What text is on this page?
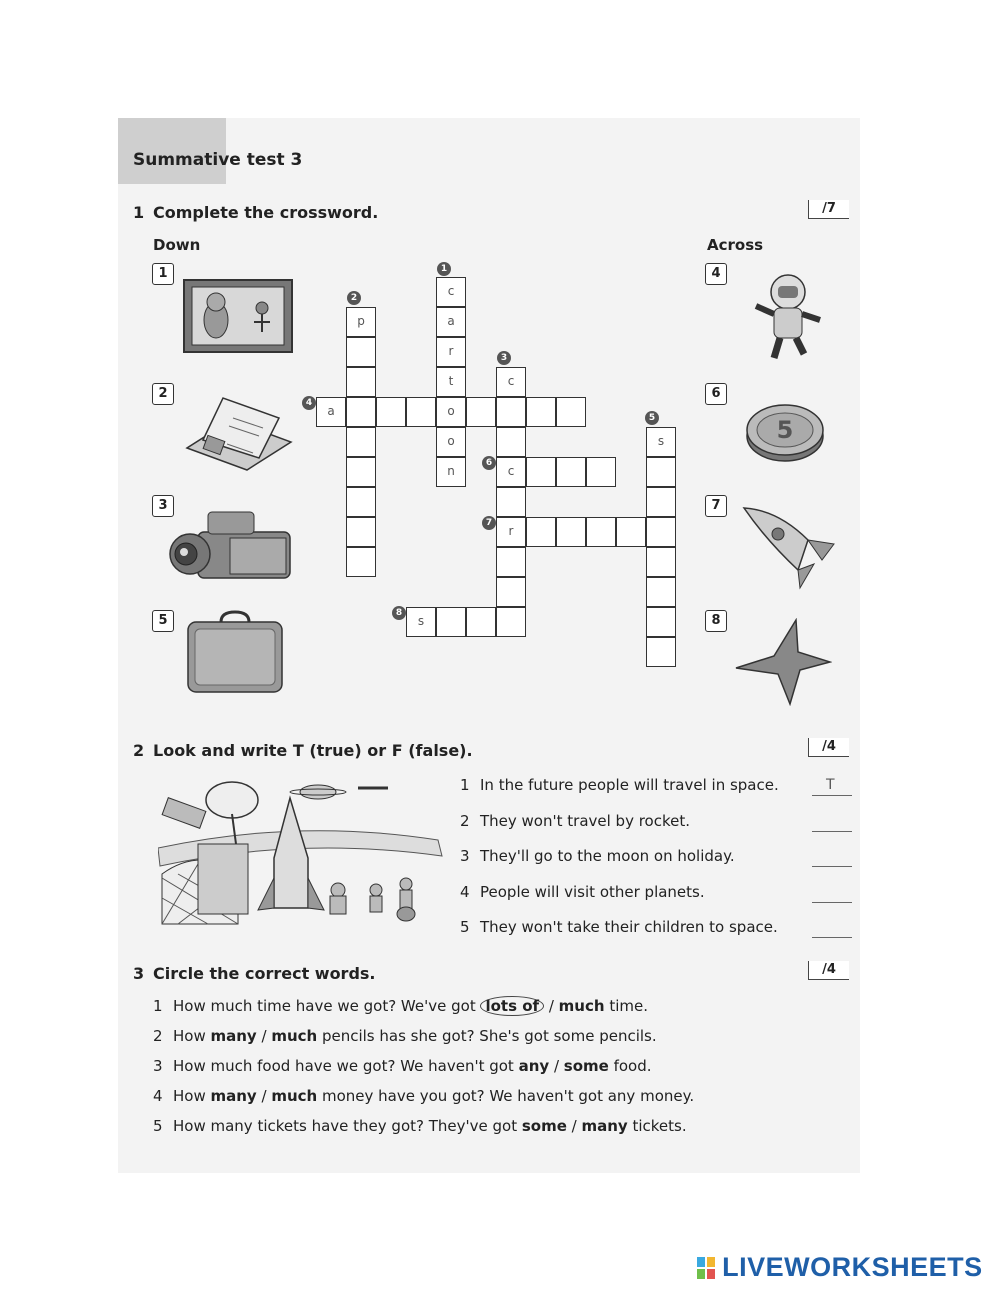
Summative test 3
1 Complete the crossword.	/7
Down	Across
1
2
3
5
4
6
7
8
5
c
a
r
t
o
o
n
p
c
c
r
a
s
s
1
2
3
4
5
6
7
8
2 Look and write T (true) or F (false).	/4
1 In the future people will travel in space.	T
2 They won't travel by rocket.
3 They'll go to the moon on holiday.
4 People will visit other planets.
5 They won't take their children to space.
3 Circle the correct words.	/4
1 How much time have we got? We've got lots of / much time.
2 How many / much pencils has she got? She's got some pencils.
3 How much food have we got? We haven't got any / some food.
4 How many / much money have you got? We haven't got any money.
5 How many tickets have they got? They've got some / many tickets.
LIVEWORKSHEETS
